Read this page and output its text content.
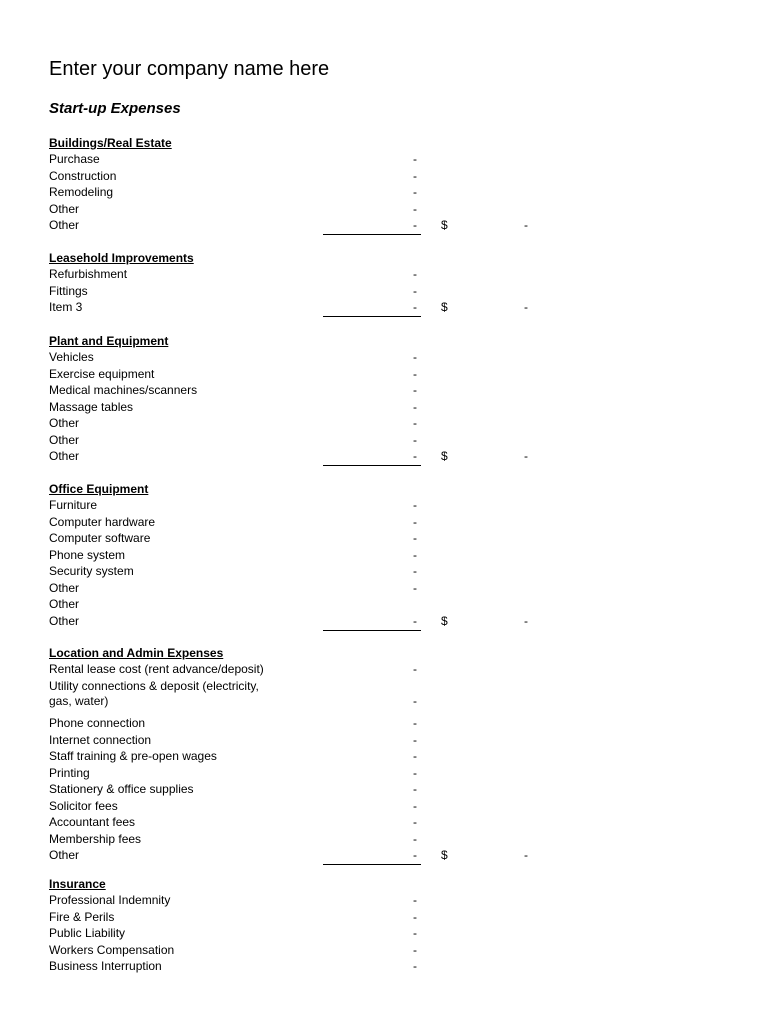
Enter your company name here
Start-up Expenses
Buildings/Real Estate
Purchase	-
Construction	-
Remodeling	-
Other	-
Other	-	$	-
Leasehold Improvements
Refurbishment	-
Fittings	-
Item 3	-	$	-
Plant and Equipment
Vehicles	-
Exercise equipment	-
Medical machines/scanners	-
Massage tables	-
Other	-
Other	-
Other	-	$	-
Office Equipment
Furniture	-
Computer hardware	-
Computer software	-
Phone system	-
Security system	-
Other	-
Other
Other	-	$	-
Location and Admin Expenses
Rental lease cost (rent advance/deposit)	-
Utility connections & deposit (electricity, gas, water)	-
Phone connection	-
Internet connection	-
Staff training & pre-open wages	-
Printing	-
Stationery & office supplies	-
Solicitor fees	-
Accountant fees	-
Membership fees	-
Other	-	$	-
Insurance
Professional Indemnity	-
Fire & Perils	-
Public Liability	-
Workers Compensation	-
Business Interruption	-
